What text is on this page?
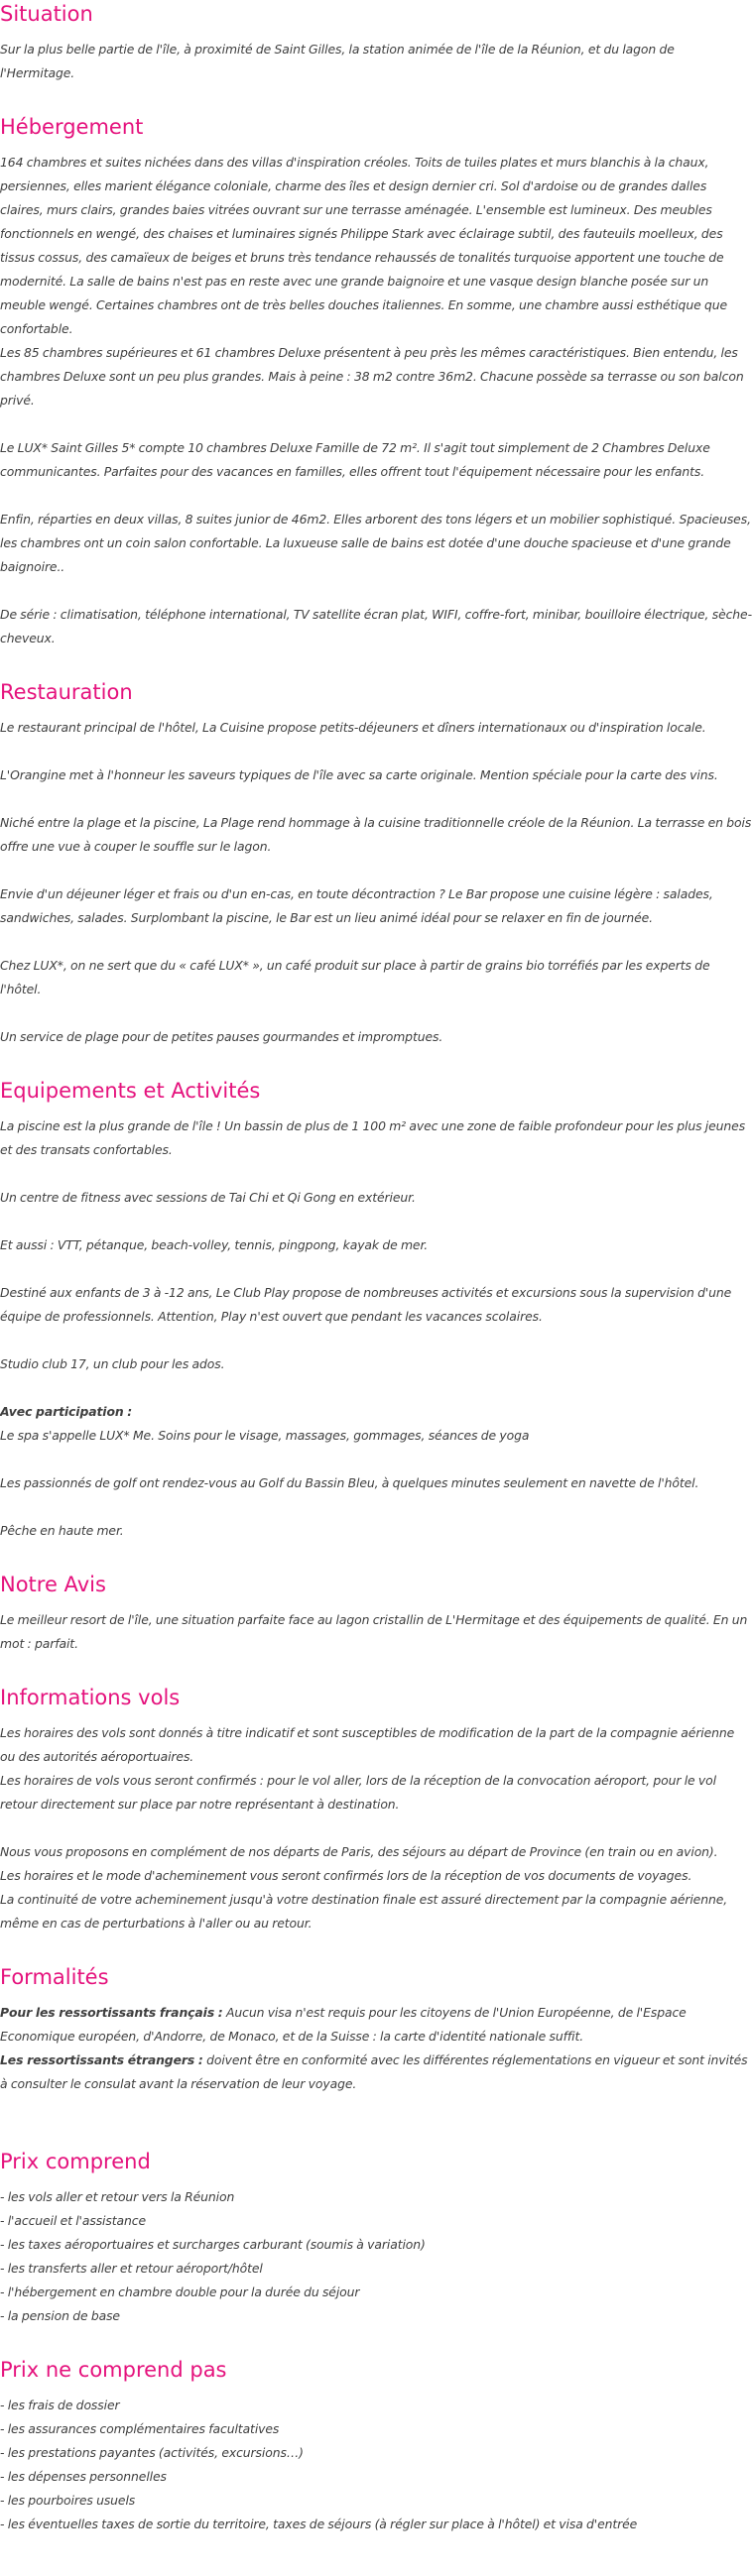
Situation

Sur la plus belle partie de l'île, à proximité de Saint Gilles, la station animée de l'île de la Réunion, et du lagon de l'Hermitage.

Hébergement

164 chambres et suites nichées dans des villas d'inspiration créoles. Toits de tuiles plates et murs blanchis à la chaux, persiennes, elles marient élégance coloniale, charme des îles et design dernier cri. Sol d'ardoise ou de grandes dalles claires, murs clairs, grandes baies vitrées ouvrant sur une terrasse aménagée. L'ensemble est lumineux. Des meubles fonctionnels en wengé, des chaises et luminaires signés Philippe Stark avec éclairage subtil, des fauteuils moelleux, des tissus cossus, des camaïeux de beiges et bruns très tendance rehaussés de tonalités turquoise apportent une touche de modernité. La salle de bains n'est pas en reste avec une grande baignoire et une vasque design blanche posée sur un meuble wengé. Certaines chambres ont de très belles douches italiennes. En somme, une chambre aussi esthétique que confortable.

Les 85 chambres supérieures et 61 chambres Deluxe présentent à peu près les mêmes caractéristiques. Bien entendu, les chambres Deluxe sont un peu plus grandes. Mais à peine : 38 m2 contre 36m2. Chacune possède sa terrasse ou son balcon privé.

Le LUX* Saint Gilles 5* compte 10 chambres Deluxe Famille de 72 m². Il s'agit tout simplement de 2 Chambres Deluxe communicantes. Parfaites pour des vacances en familles, elles offrent tout l'équipement nécessaire pour les enfants.

Enfin, réparties en deux villas, 8 suites junior de 46m2. Elles arborent des tons légers et un mobilier sophistiqué. Spacieuses, les chambres ont un coin salon confortable. La luxueuse salle de bains est dotée d'une douche spacieuse et d'une grande baignoire..

De série : climatisation, téléphone international, TV satellite écran plat, WIFI, coffre-fort, minibar, bouilloire électrique, sèche-cheveux.

Restauration

Le restaurant principal de l'hôtel, La Cuisine propose petits-déjeuners et dîners internationaux ou d'inspiration locale.

L'Orangine met à l'honneur les saveurs typiques de l'île avec sa carte originale. Mention spéciale pour la carte des vins.

Niché entre la plage et la piscine, La Plage rend hommage à la cuisine traditionnelle créole de la Réunion. La terrasse en bois offre une vue à couper le souffle sur le lagon.

Envie d'un déjeuner léger et frais ou d'un en-cas, en toute décontraction ? Le Bar propose une cuisine légère : salades, sandwiches, salades. Surplombant la piscine, le Bar est un lieu animé idéal pour se relaxer en fin de journée.

Chez LUX*, on ne sert que du « café LUX* », un café produit sur place à partir de grains bio torréfiés par les experts de l'hôtel.

Un service de plage pour de petites pauses gourmandes et impromptues.

Equipements et Activités

La piscine est la plus grande de l'île ! Un bassin de plus de 1 100 m² avec une zone de faible profondeur pour les plus jeunes et des transats confortables.

Un centre de fitness avec sessions de Tai Chi et Qi Gong en extérieur.

Et aussi : VTT, pétanque, beach-volley, tennis, pingpong, kayak de mer.

Destiné aux enfants de 3 à -12 ans, Le Club Play propose de nombreuses activités et excursions sous la supervision d'une équipe de professionnels. Attention, Play n'est ouvert que pendant les vacances scolaires.

Studio club 17, un club pour les ados.

Avec participation :

Le spa s'appelle LUX* Me. Soins pour le visage, massages, gommages, séances de yoga

Les passionnés de golf ont rendez-vous au Golf du Bassin Bleu, à quelques minutes seulement en navette de l'hôtel.

Pêche en haute mer.

Notre Avis

Le meilleur resort de l'île, une situation parfaite face au lagon cristallin de L'Hermitage et des équipements de qualité. En un mot : parfait.

Informations vols

Les horaires des vols sont donnés à titre indicatif et sont susceptibles de modification de la part de la compagnie aérienne ou des autorités aéroportuaires.

Les horaires de vols vous seront confirmés : pour le vol aller, lors de la réception de la convocation aéroport, pour le vol retour directement sur place par notre représentant à destination.

Nous vous proposons en complément de nos départs de Paris, des séjours au départ de Province (en train ou en avion).

Les horaires et le mode d'acheminement vous seront confirmés lors de la réception de vos documents de voyages.

La continuité de votre acheminement jusqu'à votre destination finale est assuré directement par la compagnie aérienne, même en cas de perturbations à l'aller ou au retour.

Formalités

Pour les ressortissants français : Aucun visa n'est requis pour les citoyens de l'Union Européenne, de l'Espace Economique européen, d'Andorre, de Monaco, et de la Suisse : la carte d'identité nationale suffit.

Les ressortissants étrangers : doivent être en conformité avec les différentes réglementations en vigueur et sont invités à consulter le consulat avant la réservation de leur voyage.

Prix comprend
- les vols aller et retour vers la Réunion
- l'accueil et l'assistance
- les taxes aéroportuaires et surcharges carburant (soumis à variation)
- les transferts aller et retour aéroport/hôtel
- l'hébergement en chambre double pour la durée du séjour
- la pension de base
Prix ne comprend pas
- les frais de dossier
- les assurances complémentaires facultatives
- les prestations payantes (activités, excursions…)
- les dépenses personnelles
- les pourboires usuels
- les éventuelles taxes de sortie du territoire, taxes de séjours (à régler sur place à l'hôtel) et visa d'entrée
